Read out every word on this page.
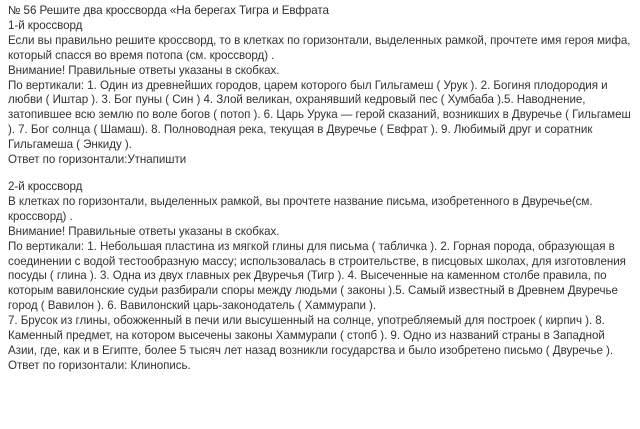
№ 56 Решите два кроссворда «На берегах Тигра и Евфрата
1-й кроссворд
Если вы правильно решите кроссворд, то в клетках по горизонтали, выделенных рамкой, прочтете имя героя мифа, который спасся во время потопа (см. кроссворд) .
Внимание! Правильные ответы указаны в скобках.
По вертикали: 1. Один из древнейших городов, царем которого был Гильгамеш ( Урук ). 2. Богиня плодородия и любви ( Иштар ). 3. Бог пуны ( Син ) 4. Злой великан, охранявший кедровый пес ( Хумбаба ).5. Наводнение, затопившее всю землю по воле богов ( потоп ). 6. Царь Урука — герой сказаний, возникших в Двуречье ( Гильгамеш ). 7. Бог солнца ( Шамаш). 8. Полноводная река, текущая в Двуречье ( Евфрат ). 9. Любимый друг и соратник Гильгамеша ( Энкиду ).
Ответ по горизонтали:Утнапишти
2-й кроссворд
В клетках по горизонтали, выделенных рамкой, вы прочтете название письма, изобретенного в Двуречье(см. кроссворд) .
Внимание! Правильные ответы указаны в скобках.
По вертикали: 1. Небольшая пластина из мягкой глины для письма ( табличка ). 2. Горная порода, образующая в соединении с водой тестообразную массу; использовалась в строительстве, в писцовых школах, для изготовления посуды ( глина ). 3. Одна из двух главных рек Двуречья (Тигр ). 4. Высеченные на каменном столбе правила, по которым вавилонские судьи разбирали споры между людьми ( законы ).5. Самый известный в Древнем Двуречье город ( Вавилон ). 6. Вавилонский царь-законодатель ( Хаммурапи ).
7. Брусок из глины, обожженный в печи или высушенный на солнце, употребляемый для построек ( кирпич ). 8. Каменный предмет, на котором высечены законы Хаммурапи ( стопб ). 9. Одно из названий страны в Западной Азии, где, как и в Египте, более 5 тысяч лет назад возникли государства и было изобретено письмо ( Двуречье ).
Ответ по горизонтали: Клинопись.
